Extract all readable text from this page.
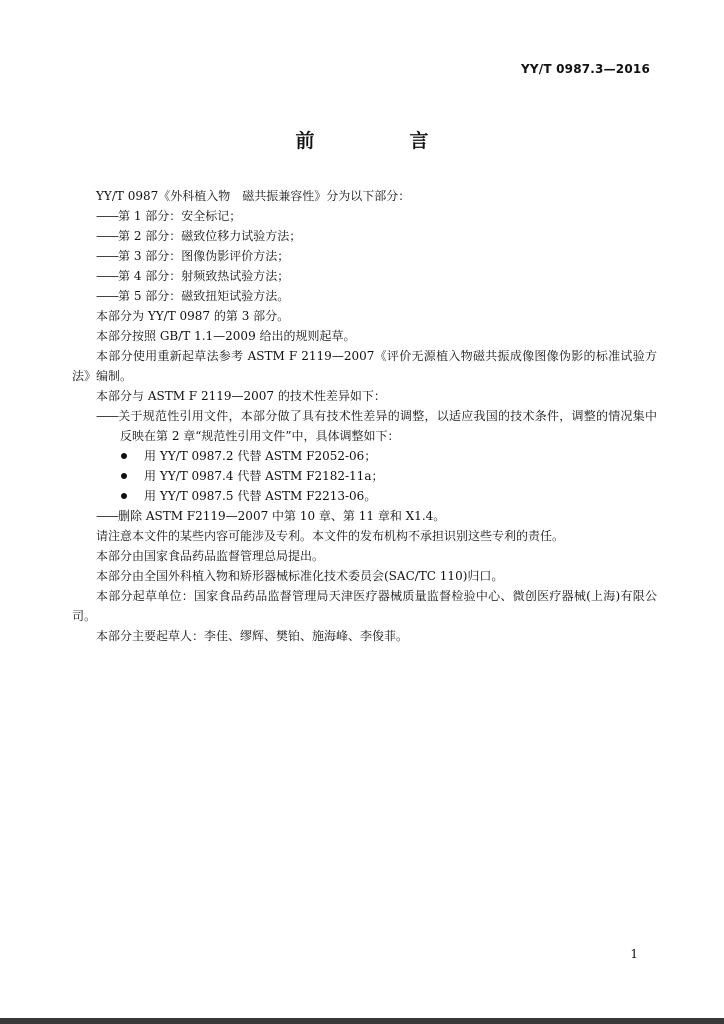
YY/T 0987.3—2016
前　言

YY/T 0987《外科植入物　磁共振兼容性》分为以下部分：

——第 1 部分：安全标记；

——第 2 部分：磁致位移力试验方法；

——第 3 部分：图像伪影评价方法；

——第 4 部分：射频致热试验方法；

——第 5 部分：磁致扭矩试验方法。

本部分为 YY/T 0987 的第 3 部分。

本部分按照 GB/T 1.1—2009 给出的规则起草。

本部分使用重新起草法参考 ASTM F 2119—2007《评价无源植入物磁共振成像图像伪影的标准试验方法》编制。

本部分与 ASTM F 2119—2007 的技术性差异如下：

——关于规范性引用文件，本部分做了具有技术性差异的调整，以适应我国的技术条件，调整的情况集中反映在第 2 章“规范性引用文件”中，具体调整如下：

用 YY/T 0987.2 代替 ASTM F2052-06；

用 YY/T 0987.4 代替 ASTM F2182-11a；

用 YY/T 0987.5 代替 ASTM F2213-06。

——删除 ASTM F2119—2007 中第 10 章、第 11 章和 X1.4。

请注意本文件的某些内容可能涉及专利。本文件的发布机构不承担识别这些专利的责任。

本部分由国家食品药品监督管理总局提出。

本部分由全国外科植入物和矫形器械标准化技术委员会(SAC/TC 110)归口。

本部分起草单位：国家食品药品监督管理局天津医疗器械质量监督检验中心、微创医疗器械(上海)有限公司。

本部分主要起草人：李佳、缪辉、樊铂、施海峰、李俊菲。

1
